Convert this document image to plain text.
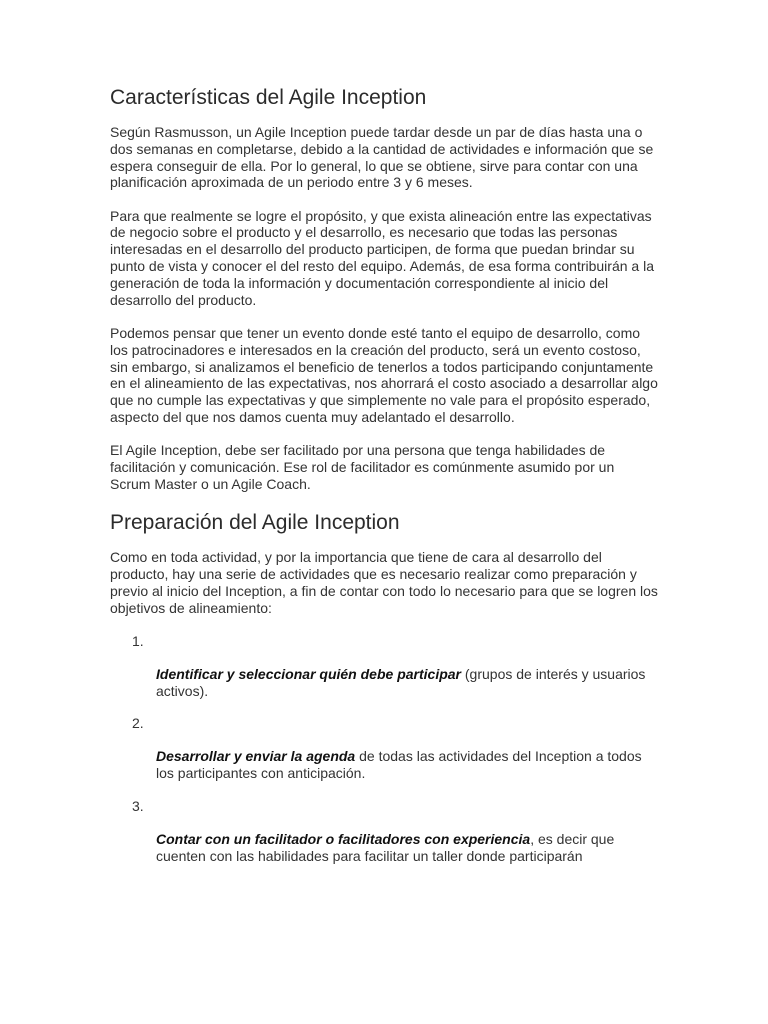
Características del Agile Inception

Según Rasmusson, un Agile Inception puede tardar desde un par de días hasta una o dos semanas en completarse, debido a la cantidad de actividades e información que se espera conseguir de ella. Por lo general, lo que se obtiene, sirve para contar con una planificación aproximada de un periodo entre 3 y 6 meses.

Para que realmente se logre el propósito, y que exista alineación entre las expectativas de negocio sobre el producto y el desarrollo, es necesario que todas las personas interesadas en el desarrollo del producto participen, de forma que puedan brindar su punto de vista y conocer el del resto del equipo. Además, de esa forma contribuirán a la generación de toda la información y documentación correspondiente al inicio del desarrollo del producto.

Podemos pensar que tener un evento donde esté tanto el equipo de desarrollo, como los patrocinadores e interesados en la creación del producto, será un evento costoso, sin embargo, si analizamos el beneficio de tenerlos a todos participando conjuntamente en el alineamiento de las expectativas, nos ahorrará el costo asociado a desarrollar algo que no cumple las expectativas y que simplemente no vale para el propósito esperado, aspecto del que nos damos cuenta muy adelantado el desarrollo.

El Agile Inception, debe ser facilitado por una persona que tenga habilidades de facilitación y comunicación. Ese rol de facilitador es comúnmente asumido por un Scrum Master o un Agile Coach.

Preparación del Agile Inception

Como en toda actividad, y por la importancia que tiene de cara al desarrollo del producto, hay una serie de actividades que es necesario realizar como preparación y previo al inicio del Inception, a fin de contar con todo lo necesario para que se logren los objetivos de alineamiento:

1.
Identificar y seleccionar quién debe participar (grupos de interés y usuarios activos).
2.
Desarrollar y enviar la agenda de todas las actividades del Inception a todos los participantes con anticipación.
3.
Contar con un facilitador o facilitadores con experiencia, es decir que cuenten con las habilidades para facilitar un taller donde participarán
